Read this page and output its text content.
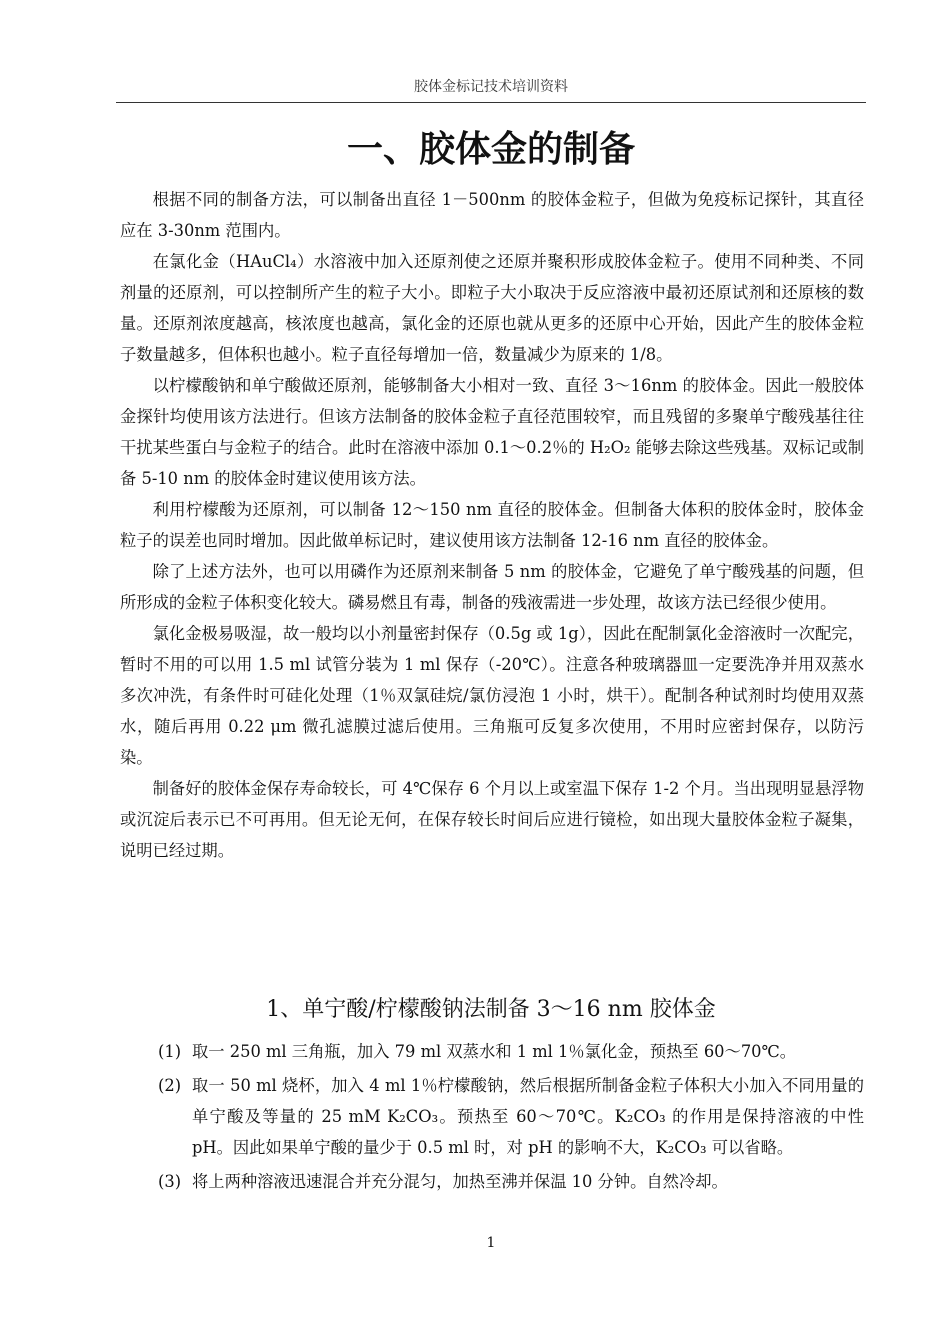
胶体金标记技术培训资料
一、胶体金的制备

根据不同的制备方法，可以制备出直径 1－500nm 的胶体金粒子，但做为免疫标记探针，其直径应在 3-30nm 范围内。

在氯化金（HAuCl₄）水溶液中加入还原剂使之还原并聚积形成胶体金粒子。使用不同种类、不同剂量的还原剂，可以控制所产生的粒子大小。即粒子大小取决于反应溶液中最初还原试剂和还原核的数量。还原剂浓度越高，核浓度也越高，氯化金的还原也就从更多的还原中心开始，因此产生的胶体金粒子数量越多，但体积也越小。粒子直径每增加一倍，数量减少为原来的 1/8。

以柠檬酸钠和单宁酸做还原剂，能够制备大小相对一致、直径 3～16nm 的胶体金。因此一般胶体金探针均使用该方法进行。但该方法制备的胶体金粒子直径范围较窄，而且残留的多聚单宁酸残基往往干扰某些蛋白与金粒子的结合。此时在溶液中添加 0.1～0.2％的 H₂O₂ 能够去除这些残基。双标记或制备 5-10 nm 的胶体金时建议使用该方法。

利用柠檬酸为还原剂，可以制备 12～150 nm 直径的胶体金。但制备大体积的胶体金时，胶体金粒子的误差也同时增加。因此做单标记时，建议使用该方法制备 12-16 nm 直径的胶体金。

除了上述方法外，也可以用磷作为还原剂来制备 5 nm 的胶体金，它避免了单宁酸残基的问题，但所形成的金粒子体积变化较大。磷易燃且有毒，制备的残液需进一步处理，故该方法已经很少使用。

氯化金极易吸湿，故一般均以小剂量密封保存（0.5g 或 1g），因此在配制氯化金溶液时一次配完，暂时不用的可以用 1.5 ml 试管分装为 1 ml 保存（-20℃）。注意各种玻璃器皿一定要洗净并用双蒸水多次冲洗，有条件时可硅化处理（1％双氯硅烷/氯仿浸泡 1 小时，烘干）。配制各种试剂时均使用双蒸水，随后再用 0.22 μm 微孔滤膜过滤后使用。三角瓶可反复多次使用，不用时应密封保存，以防污染。

制备好的胶体金保存寿命较长，可 4℃保存 6 个月以上或室温下保存 1-2 个月。当出现明显悬浮物或沉淀后表示已不可再用。但无论无何，在保存较长时间后应进行镜检，如出现大量胶体金粒子凝集，说明已经过期。

1、单宁酸/柠檬酸钠法制备 3～16 nm 胶体金
(1) 取一 250 ml 三角瓶，加入 79 ml 双蒸水和 1 ml 1％氯化金，预热至 60～70℃。
(2) 取一 50 ml 烧杯，加入 4 ml 1％柠檬酸钠，然后根据所制备金粒子体积大小加入不同用量的单宁酸及等量的 25 mM K₂CO₃。预热至 60～70℃。K₂CO₃ 的作用是保持溶液的中性 pH。因此如果单宁酸的量少于 0.5 ml 时，对 pH 的影响不大，K₂CO₃ 可以省略。
(3) 将上两种溶液迅速混合并充分混匀，加热至沸并保温 10 分钟。自然冷却。
1
